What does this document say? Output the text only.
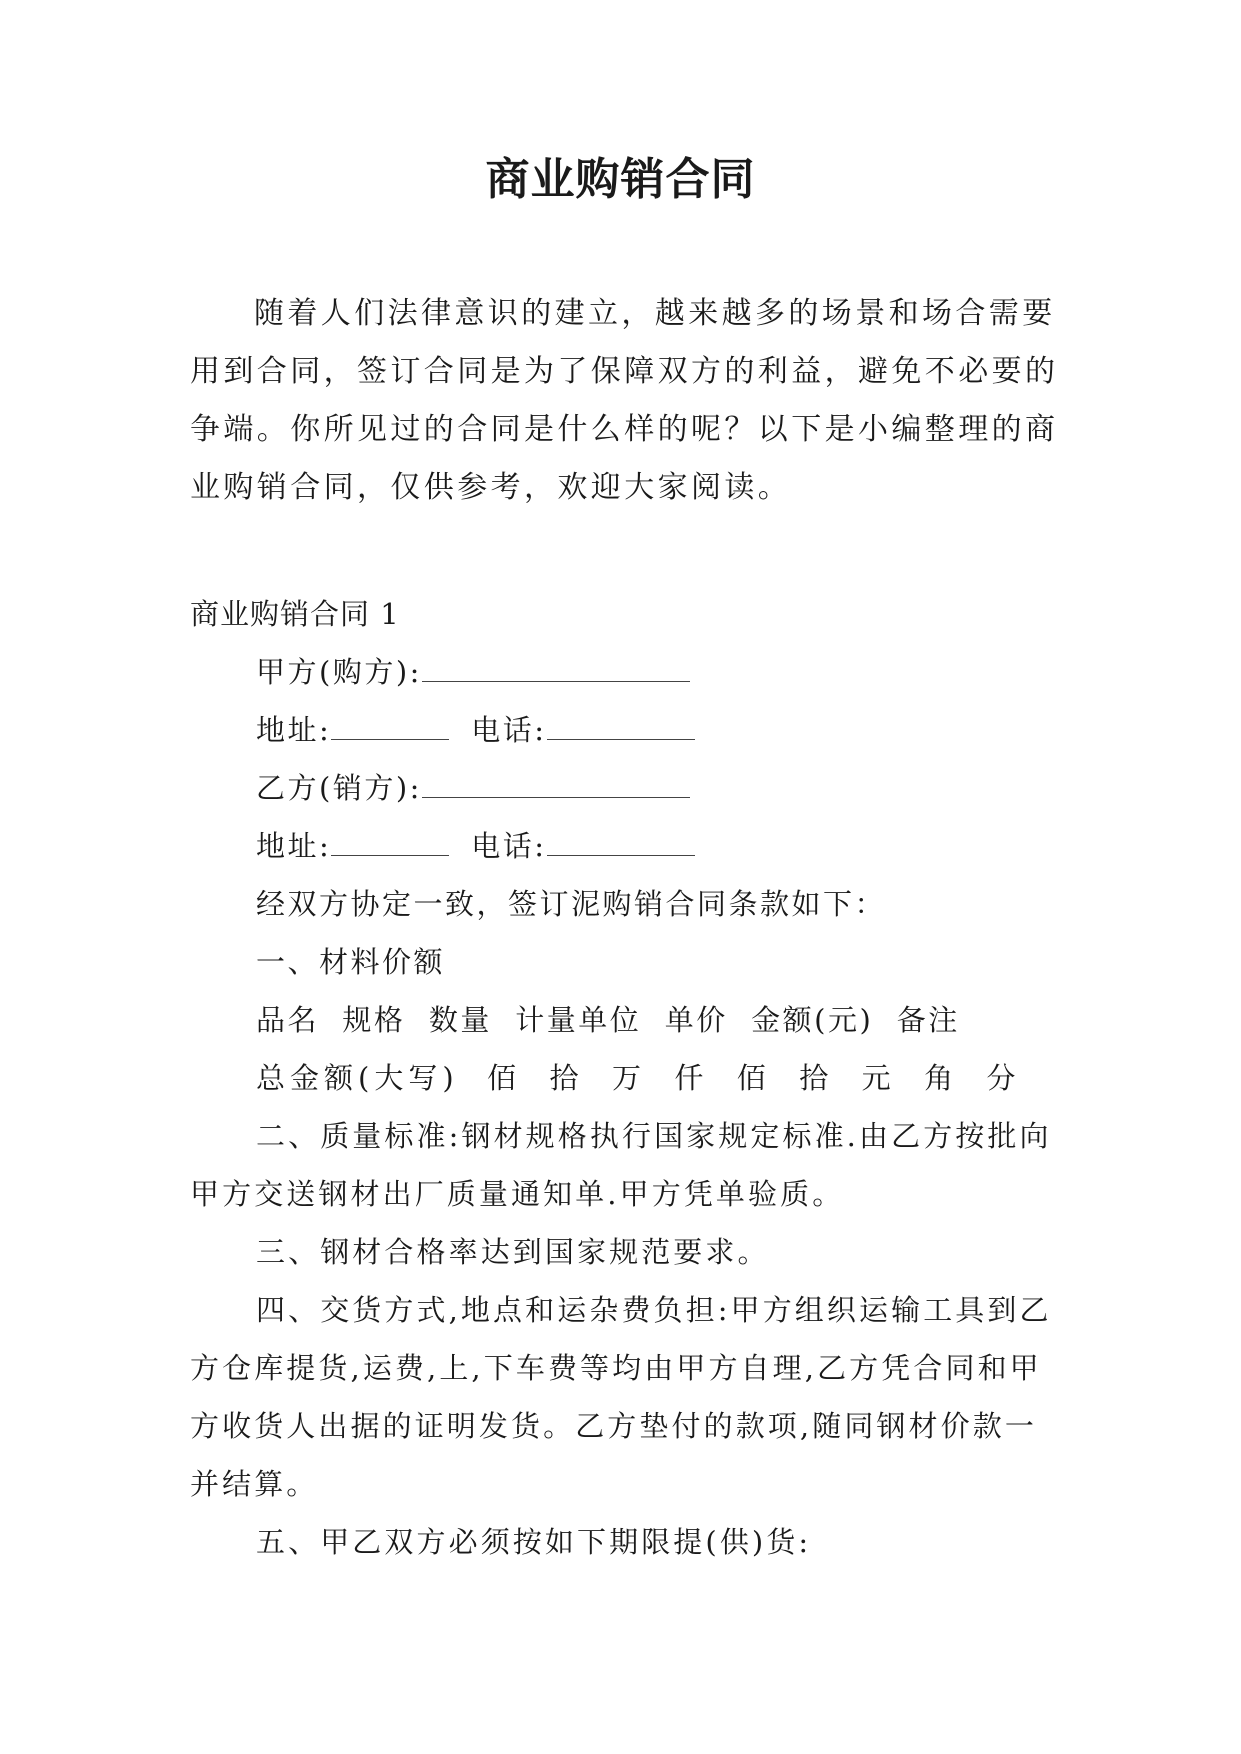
商业购销合同

随着人们法律意识的建立，越来越多的场景和场合需要用到合同，签订合同是为了保障双方的利益，避免不必要的争端。你所见过的合同是什么样的呢？以下是小编整理的商业购销合同，仅供参考，欢迎大家阅读。

商业购销合同 1

甲方(购方):

地址:	电话:

乙方(销方):

地址:	电话:

经双方协定一致，签订泥购销合同条款如下：

一、材料价额

品名  规格  数量  计量单位  单价  金额(元)  备注

总金额(大写)  佰  拾  万  仟  佰  拾  元  角  分

二、质量标准:钢材规格执行国家规定标准.由乙方按批向甲方交送钢材出厂质量通知单.甲方凭单验质。

三、钢材合格率达到国家规范要求。

四、交货方式,地点和运杂费负担:甲方组织运输工具到乙方仓库提货,运费,上,下车费等均由甲方自理,乙方凭合同和甲方收货人出据的证明发货。乙方垫付的款项,随同钢材价款一并结算。

五、甲乙双方必须按如下期限提(供)货:
